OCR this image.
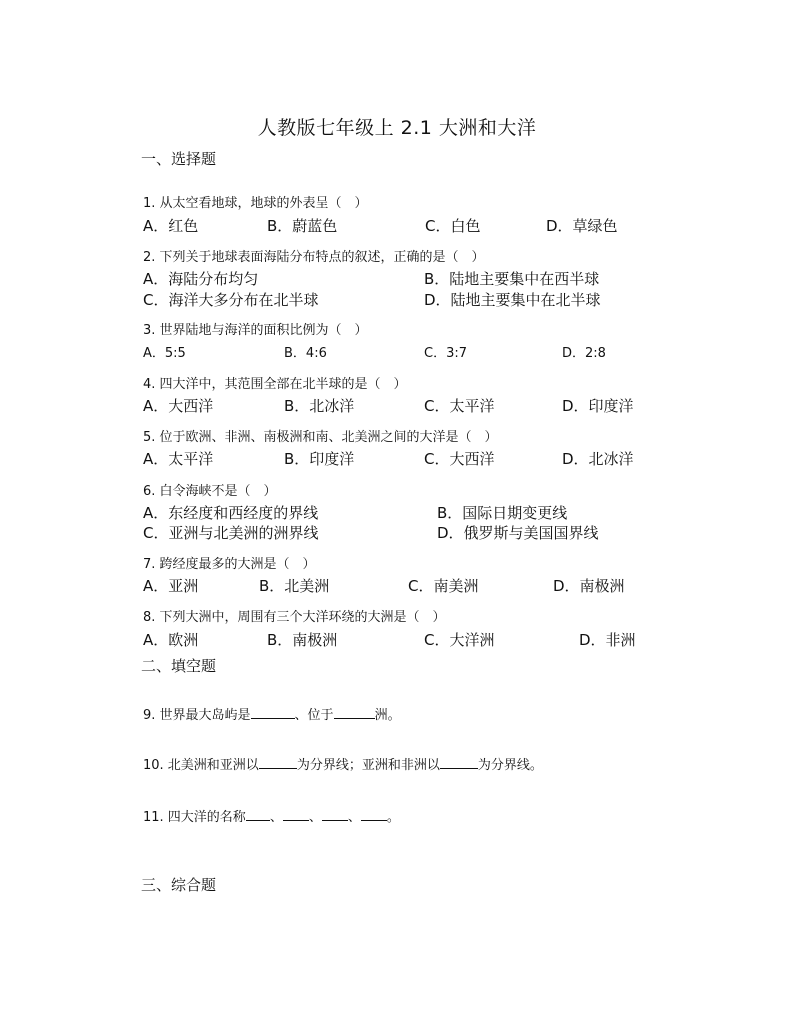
人教版七年级上 2.1 大洲和大洋
一、选择题
1. 从太空看地球，地球的外表呈（　）
A．红色	B．蔚蓝色	C．白色	D．草绿色
2. 下列关于地球表面海陆分布特点的叙述，正确的是（　）
A．海陆分布均匀	B．陆地主要集中在西半球
C．海洋大多分布在北半球	D．陆地主要集中在北半球
3. 世界陆地与海洋的面积比例为（　）
A．5:5	B．4:6	C．3:7	D．2:8
4. 四大洋中，其范围全部在北半球的是（　）
A．大西洋	B．北冰洋	C．太平洋	D．印度洋
5. 位于欧洲、非洲、南极洲和南、北美洲之间的大洋是（　）
A．太平洋	B．印度洋	C．大西洋	D．北冰洋
6. 白令海峡不是（　）
A．东经度和西经度的界线	B．国际日期变更线
C．亚洲与北美洲的洲界线	D．俄罗斯与美国国界线
7. 跨经度最多的大洲是（　）
A．亚洲	B．北美洲	C．南美洲	D．南极洲
8. 下列大洲中，周围有三个大洋环绕的大洲是（　）
A．欧洲	B．南极洲	C．大洋洲	D．非洲
二、填空题
9. 世界最大岛屿是	、位于	洲。
10. 北美洲和亚洲以	为分界线；亚洲和非洲以	为分界线。
11. 四大洋的名称 、 、 、 。
三、综合题
